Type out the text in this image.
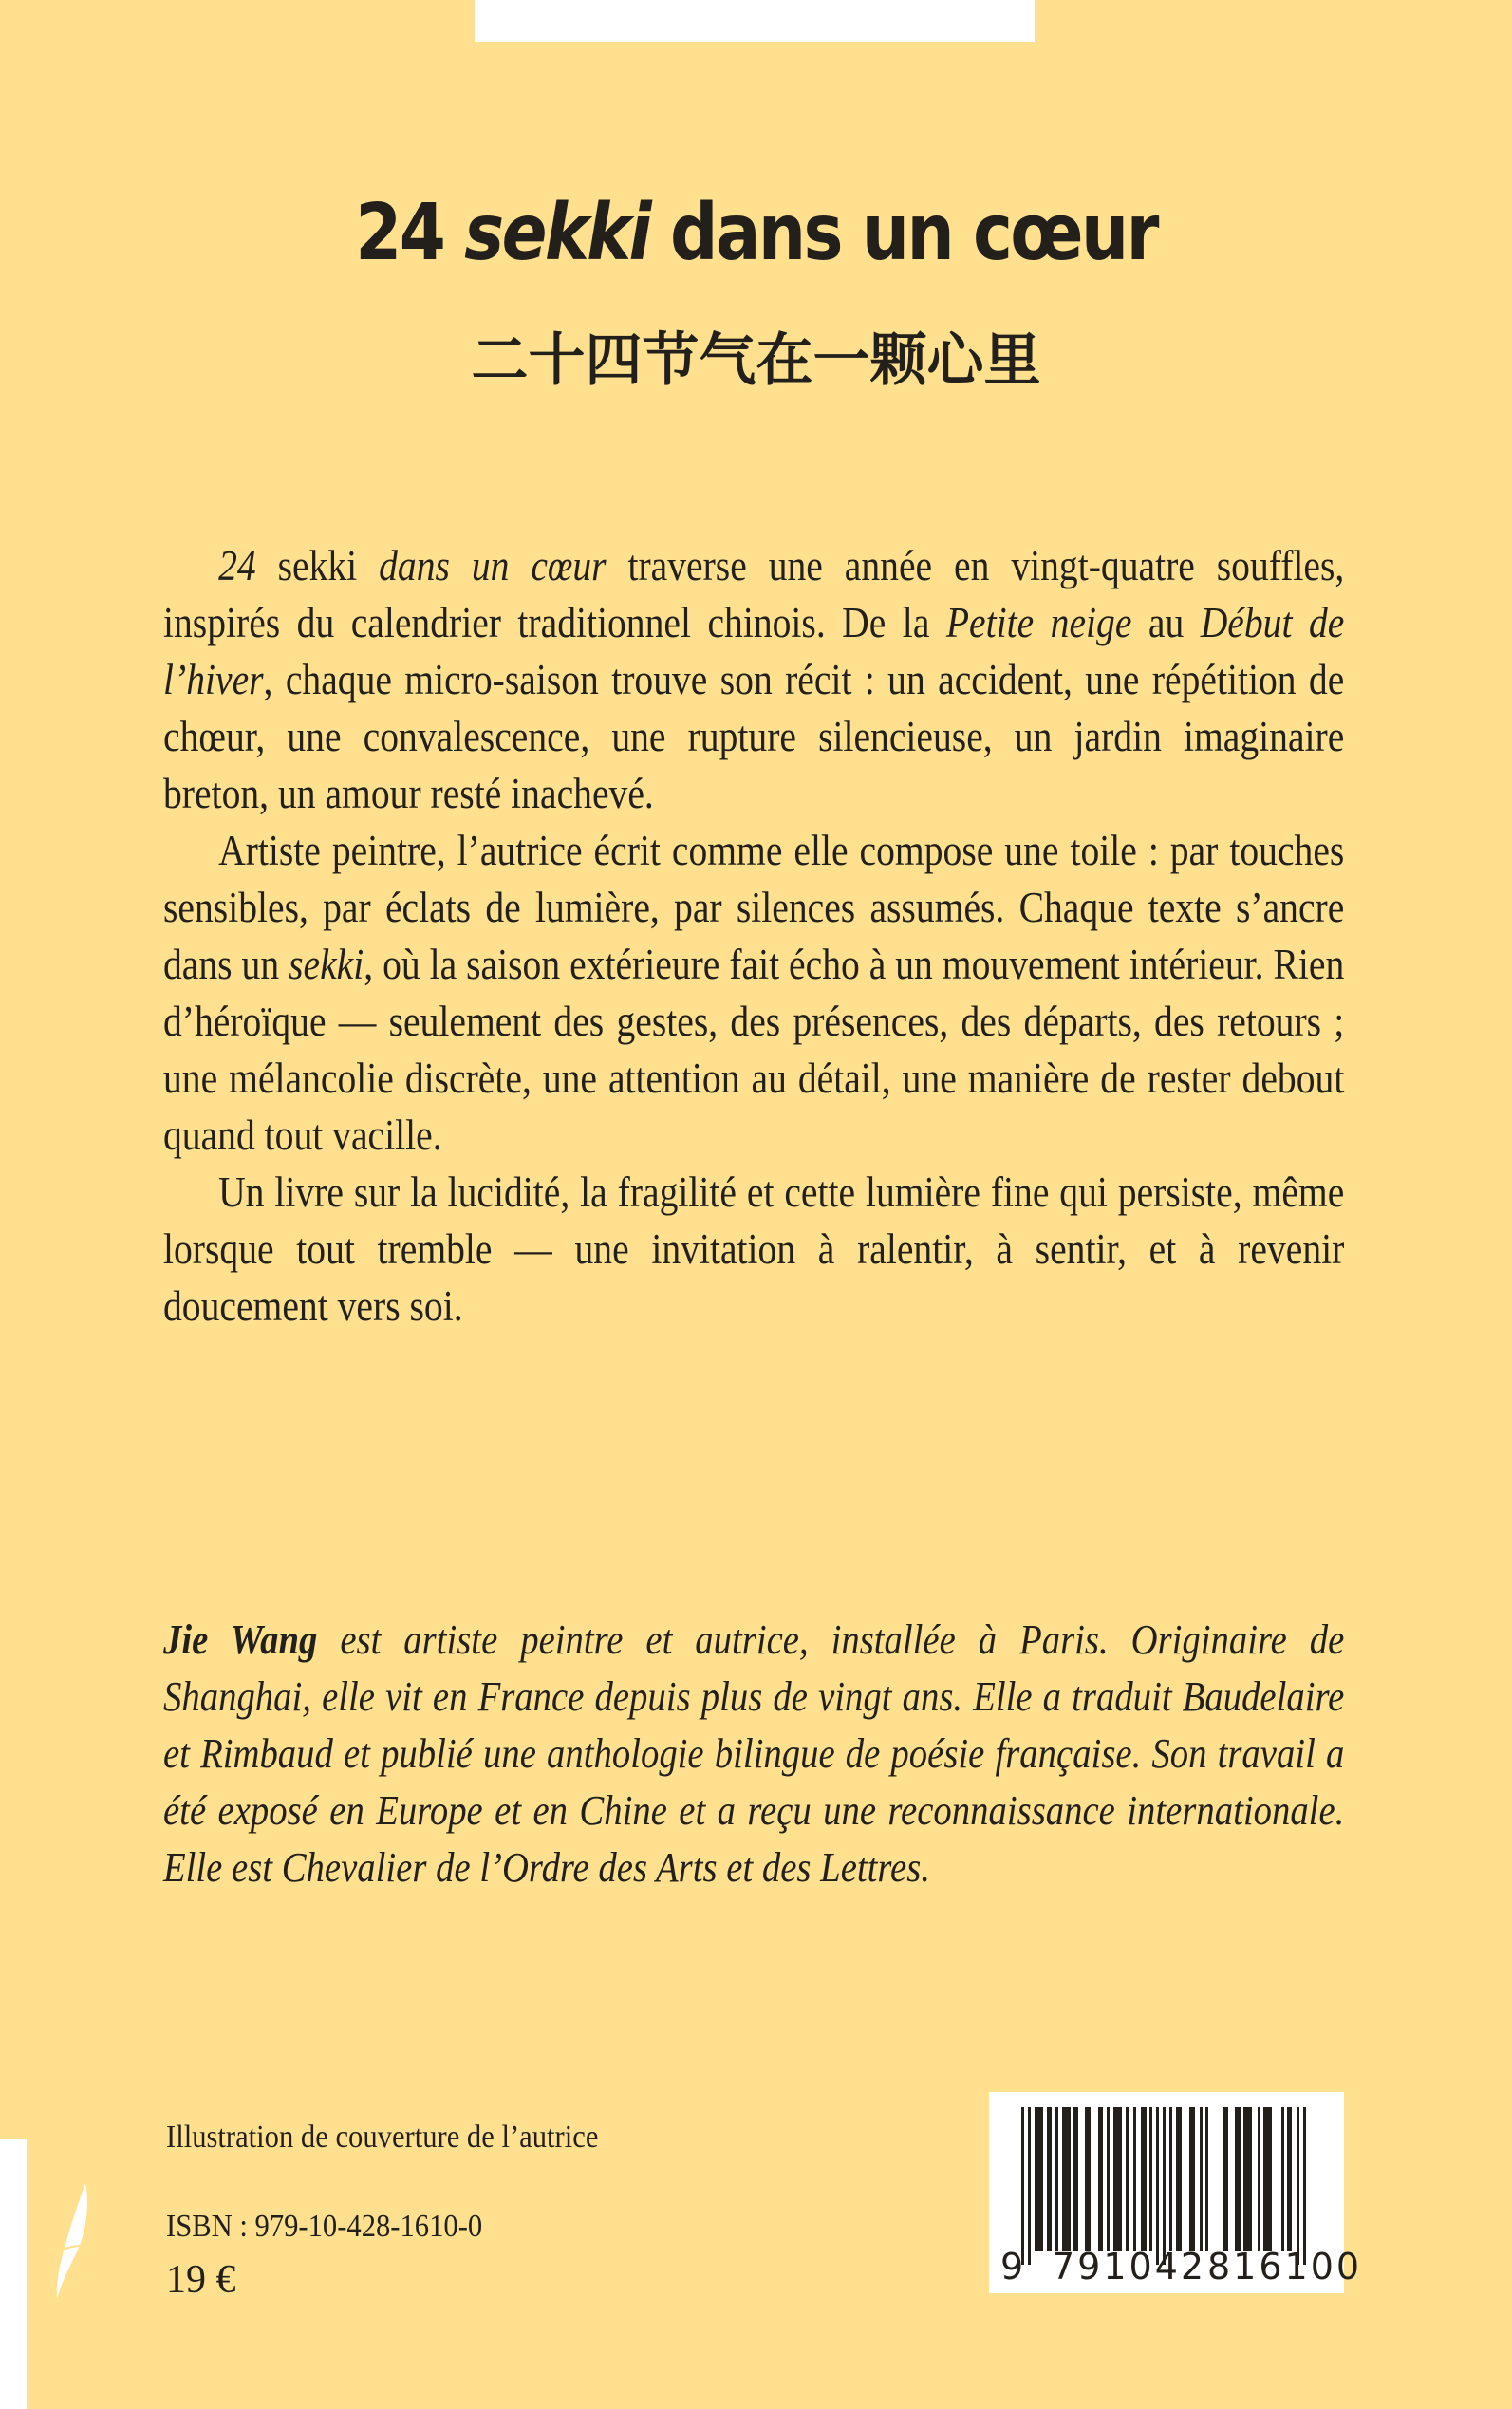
24 sekki dans un cœur
二十四节气在一颗心里

24 sekki dans un cœur traverse une année en vingt-quatre souffles, inspirés du calendrier traditionnel chinois. De la Petite neige au Début de l’hiver, chaque micro-saison trouve son récit : un accident, une répétition de chœur, une convalescence, une rupture silencieuse, un jardin imaginaire breton, un amour resté inachevé.

Artiste peintre, l’autrice écrit comme elle compose une toile : par touches sensibles, par éclats de lumière, par silences assumés. Chaque texte s’ancre dans un sekki, où la saison extérieure fait écho à un mouvement intérieur. Rien d’héroïque — seulement des gestes, des présences, des départs, des retours ; une mélancolie discrète, une attention au détail, une manière de rester debout quand tout vacille.

Un livre sur la lucidité, la fragilité et cette lumière fine qui persiste, même lorsque tout tremble — une invitation à ralentir, à sentir, et à revenir doucement vers soi.

Jie Wang est artiste peintre et autrice, installée à Paris. Originaire de Shanghai, elle vit en France depuis plus de vingt ans. Elle a traduit Baudelaire et Rimbaud et publié une anthologie bilingue de poésie française. Son travail a été exposé en Europe et en Chine et a reçu une reconnaissance internationale. Elle est Chevalier de l’Ordre des Arts et des Lettres.

Illustration de couverture de l’autrice
ISBN : 979-10-428-1610-0
19 €	9 791042 816100
